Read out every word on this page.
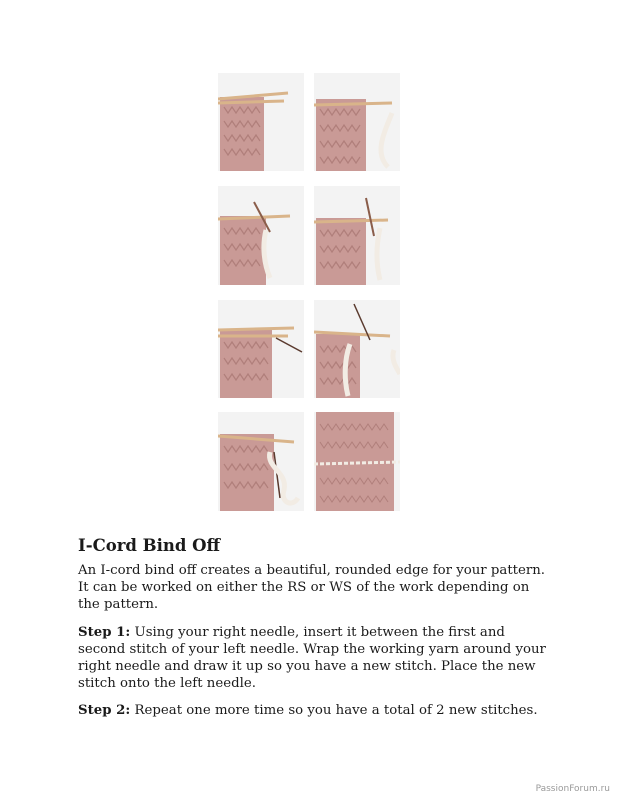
I-Cord Bind Off

An I-cord bind off creates a beautiful, rounded edge for your pattern. It can be worked on either the RS or WS of the work depending on the pattern.

Step 1: Using your right needle, insert it between the first and second stitch of your left needle. Wrap the working yarn around your right needle and draw it up so you have a new stitch. Place the new stitch onto the left needle.

Step 2: Repeat one more time so you have a total of 2 new stitches.

PassionForum.ru
